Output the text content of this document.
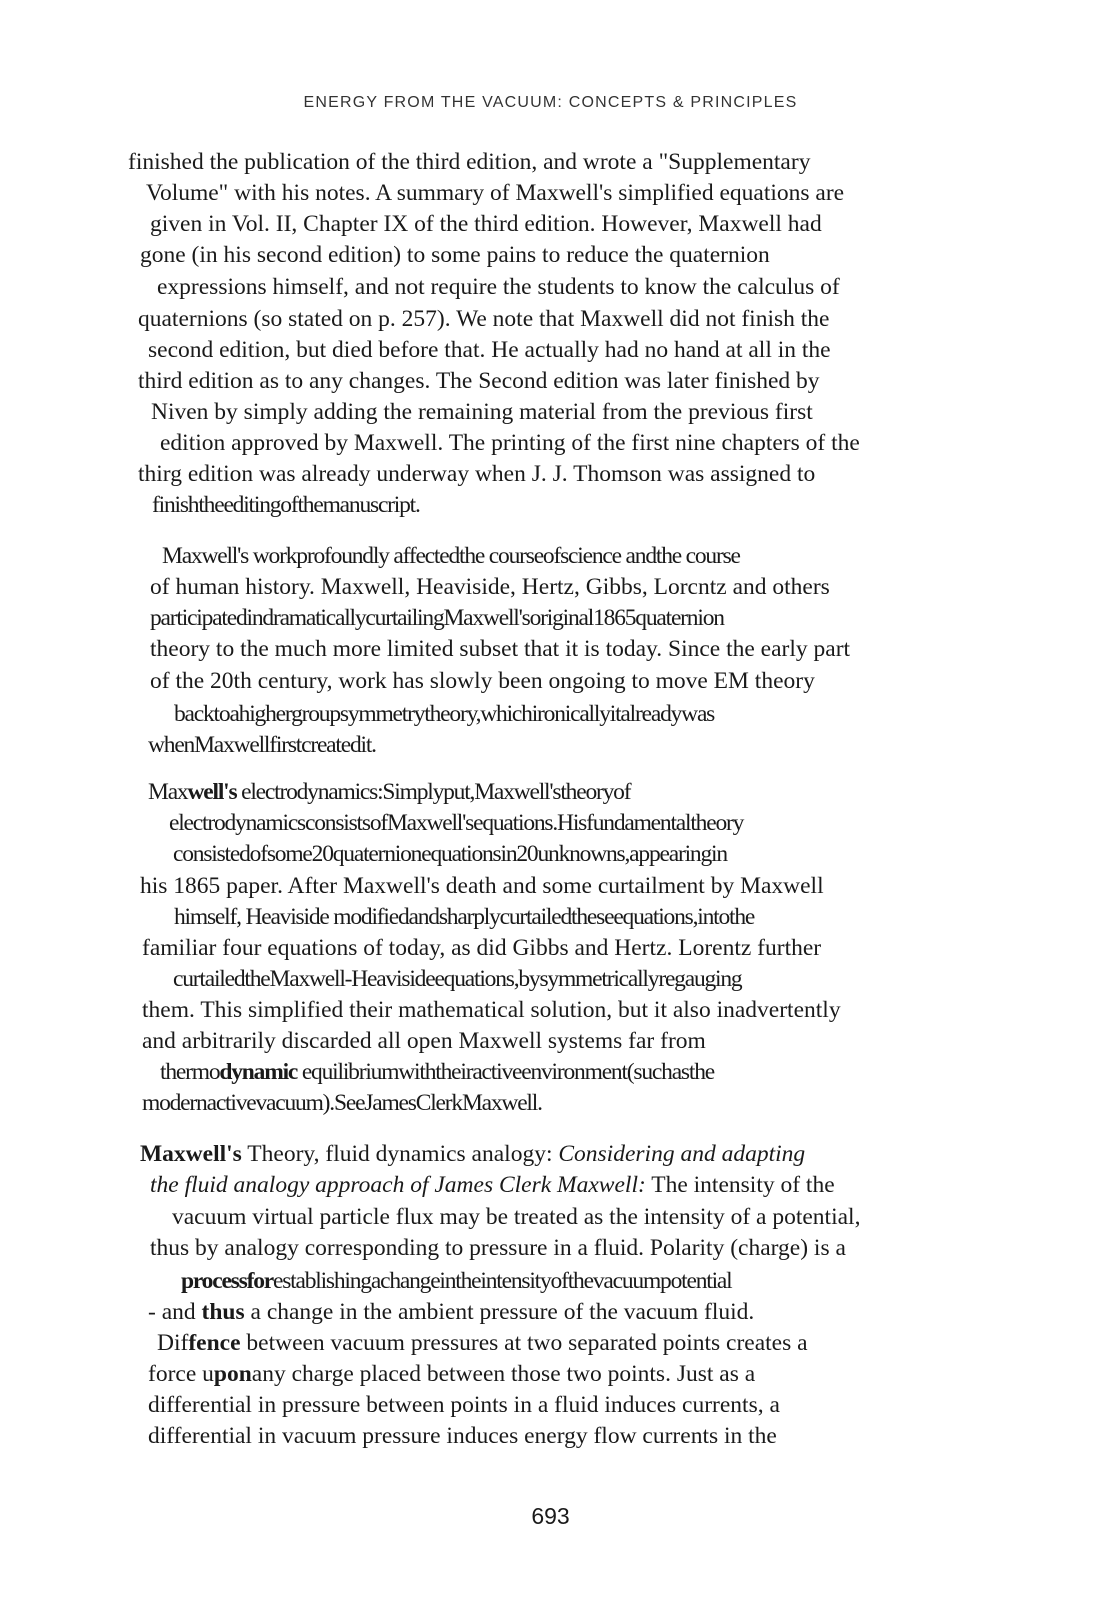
ENERGY FROM THE VACUUM: CONCEPTS & PRINCIPLES
finished the publication of the third edition, and wrote a "Supplementary
Volume" with his notes. A summary of Maxwell's simplified equations are
given in Vol. II, Chapter IX of the third edition. However, Maxwell had
gone (in his second edition) to some pains to reduce the quaternion
expressions himself, and not require the students to know the calculus of
quaternions (so stated on p. 257). We note that Maxwell did not finish the
second edition, but died before that. He actually had no hand at all in the
third edition as to any changes. The Second edition was later finished by
Niven by simply adding the remaining material from the previous first
edition approved by Maxwell. The printing of the first nine chapters of the
thirg edition was already underway when J. J. Thomson was assigned to
finishtheeditingofthemanuscript.
Maxwell's workprofoundly affectedthe courseofscience andthe course
of human history. Maxwell, Heaviside, Hertz, Gibbs, Lorcntz and others
participatedindramaticallycurtailingMaxwell'soriginal1865quaternion
theory to the much more limited subset that it is today. Since the early part
of the 20th century, work has slowly been ongoing to move EM theory
backtoahighergroupsymmetrytheory,whichironicallyitalreadywas
whenMaxwellfirstcreatedit.
Maxwell's electrodynamics:Simplyput,Maxwell'stheoryof
electrodynamicsconsistsofMaxwell'sequations.Hisfundamentaltheory
consistedofsome20quaternionequationsin20unknowns,appearingin
his 1865 paper. After Maxwell's death and some curtailment by Maxwell
himself, Heaviside modifiedandsharplycurtailedtheseequations,intothe
familiar four equations of today, as did Gibbs and Hertz. Lorentz further
curtailedtheMaxwell-Heavisideequations,bysymmetricallyregauging
them. This simplified their mathematical solution, but it also inadvertently
and arbitrarily discarded all open Maxwell systems far from
thermodynamic equilibriumwiththeiractiveenvironment(suchasthe
modernactivevacuum).SeeJamesClerkMaxwell.
Maxwell's Theory, fluid dynamics analogy: Considering and adapting
the fluid analogy approach of James Clerk Maxwell: The intensity of the
vacuum virtual particle flux may be treated as the intensity of a potential,
thus by analogy corresponding to pressure in a fluid. Polarity (charge) is a
processforestablishingachangeintheintensityofthevacuumpotential
- and thus a change in the ambient pressure of the vacuum fluid.
Diffence between vacuum pressures at two separated points creates a
force uponany charge placed between those two points. Just as a
differential in pressure between points in a fluid induces currents, a
differential in vacuum pressure induces energy flow currents in the
693
